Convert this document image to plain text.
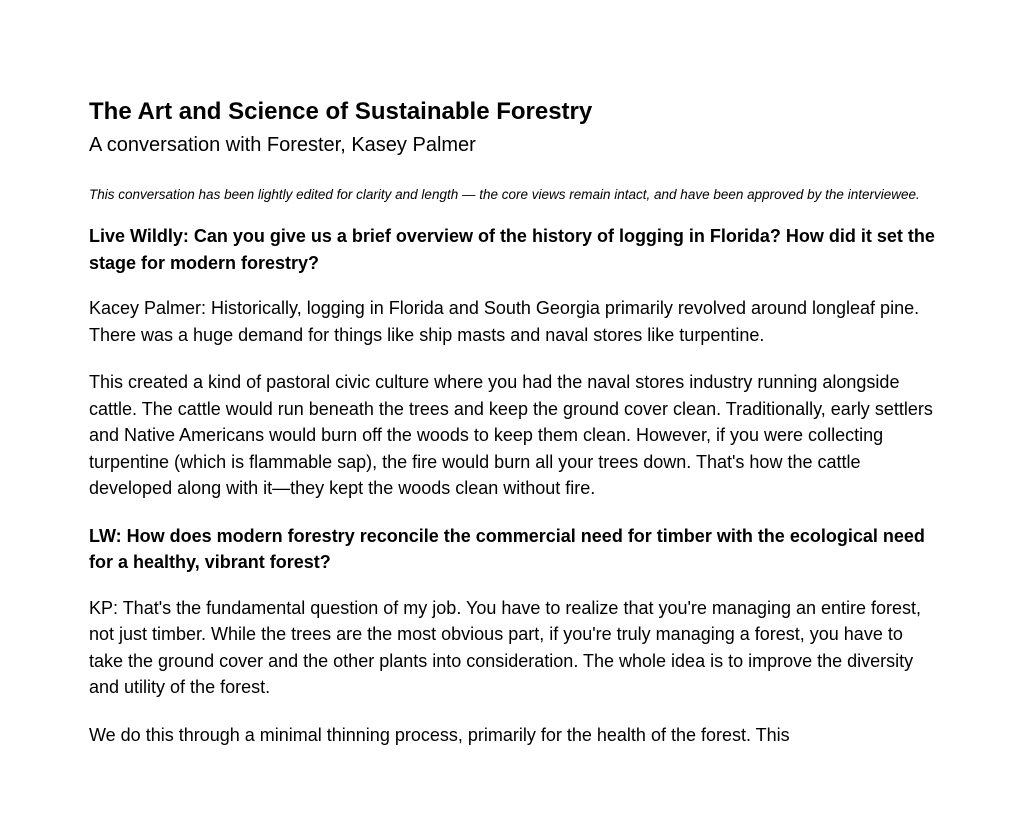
The Art and Science of Sustainable Forestry

A conversation with Forester, Kasey Palmer

This conversation has been lightly edited for clarity and length — the core views remain intact, and have been approved by the interviewee.

Live Wildly: Can you give us a brief overview of the history of logging in Florida? How did it set the stage for modern forestry?

Kacey Palmer: Historically, logging in Florida and South Georgia primarily revolved around longleaf pine. There was a huge demand for things like ship masts and naval stores like turpentine.

This created a kind of pastoral civic culture where you had the naval stores industry running alongside cattle. The cattle would run beneath the trees and keep the ground cover clean. Traditionally, early settlers and Native Americans would burn off the woods to keep them clean. However, if you were collecting turpentine (which is flammable sap), the fire would burn all your trees down. That's how the cattle developed along with it—they kept the woods clean without fire.

LW: How does modern forestry reconcile the commercial need for timber with the ecological need for a healthy, vibrant forest?

KP: That's the fundamental question of my job. You have to realize that you're managing an entire forest, not just timber. While the trees are the most obvious part, if you're truly managing a forest, you have to take the ground cover and the other plants into consideration. The whole idea is to improve the diversity and utility of the forest.

We do this through a minimal thinning process, primarily for the health of the forest. This
